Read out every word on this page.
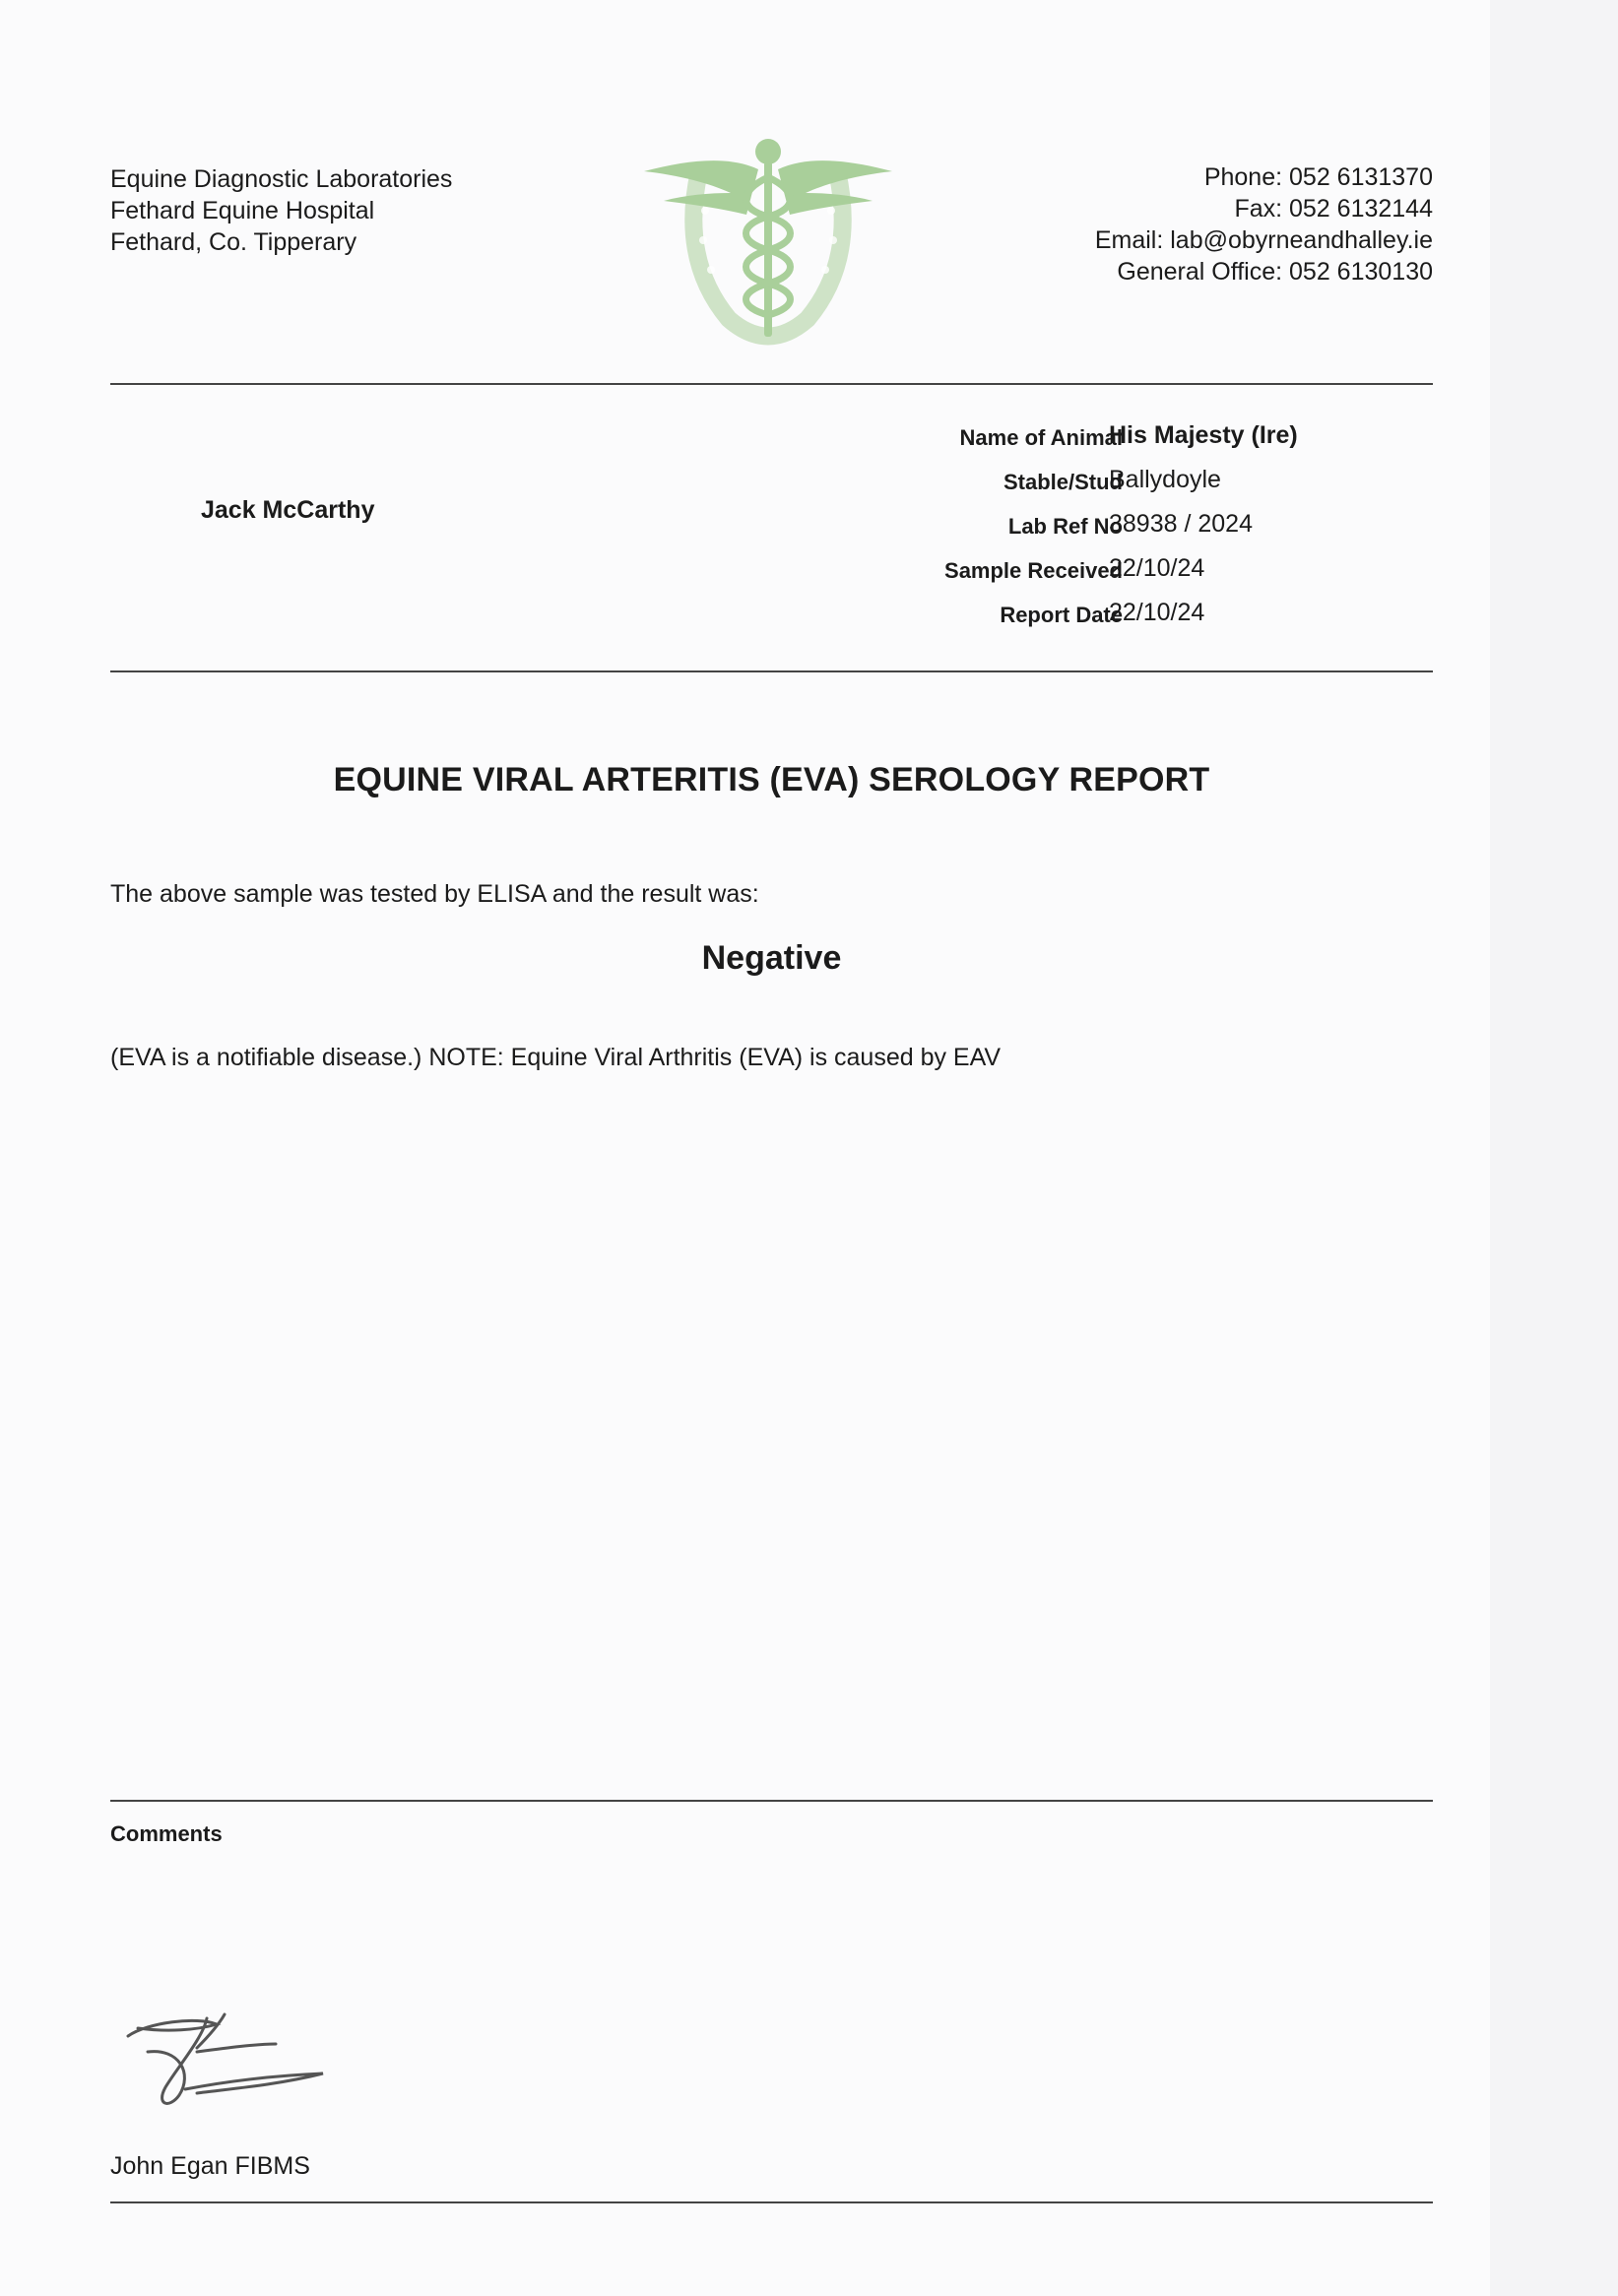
Equine Diagnostic Laboratories
Fethard Equine Hospital
Fethard, Co. Tipperary
Phone: 052 6131370
Fax: 052 6132144
Email: lab@obyrneandhalley.ie
General Office: 052 6130130
Jack McCarthy
Name of Animal
His Majesty (Ire)
Stable/Stud
Ballydoyle
Lab Ref No
38938 / 2024
Sample Received
22/10/24
Report Date
22/10/24
EQUINE VIRAL ARTERITIS (EVA) SEROLOGY REPORT
The above sample was tested by ELISA and the result was:
Negative
(EVA is a notifiable disease.) NOTE: Equine Viral Arthritis (EVA) is caused by EAV
Comments
John Egan FIBMS
